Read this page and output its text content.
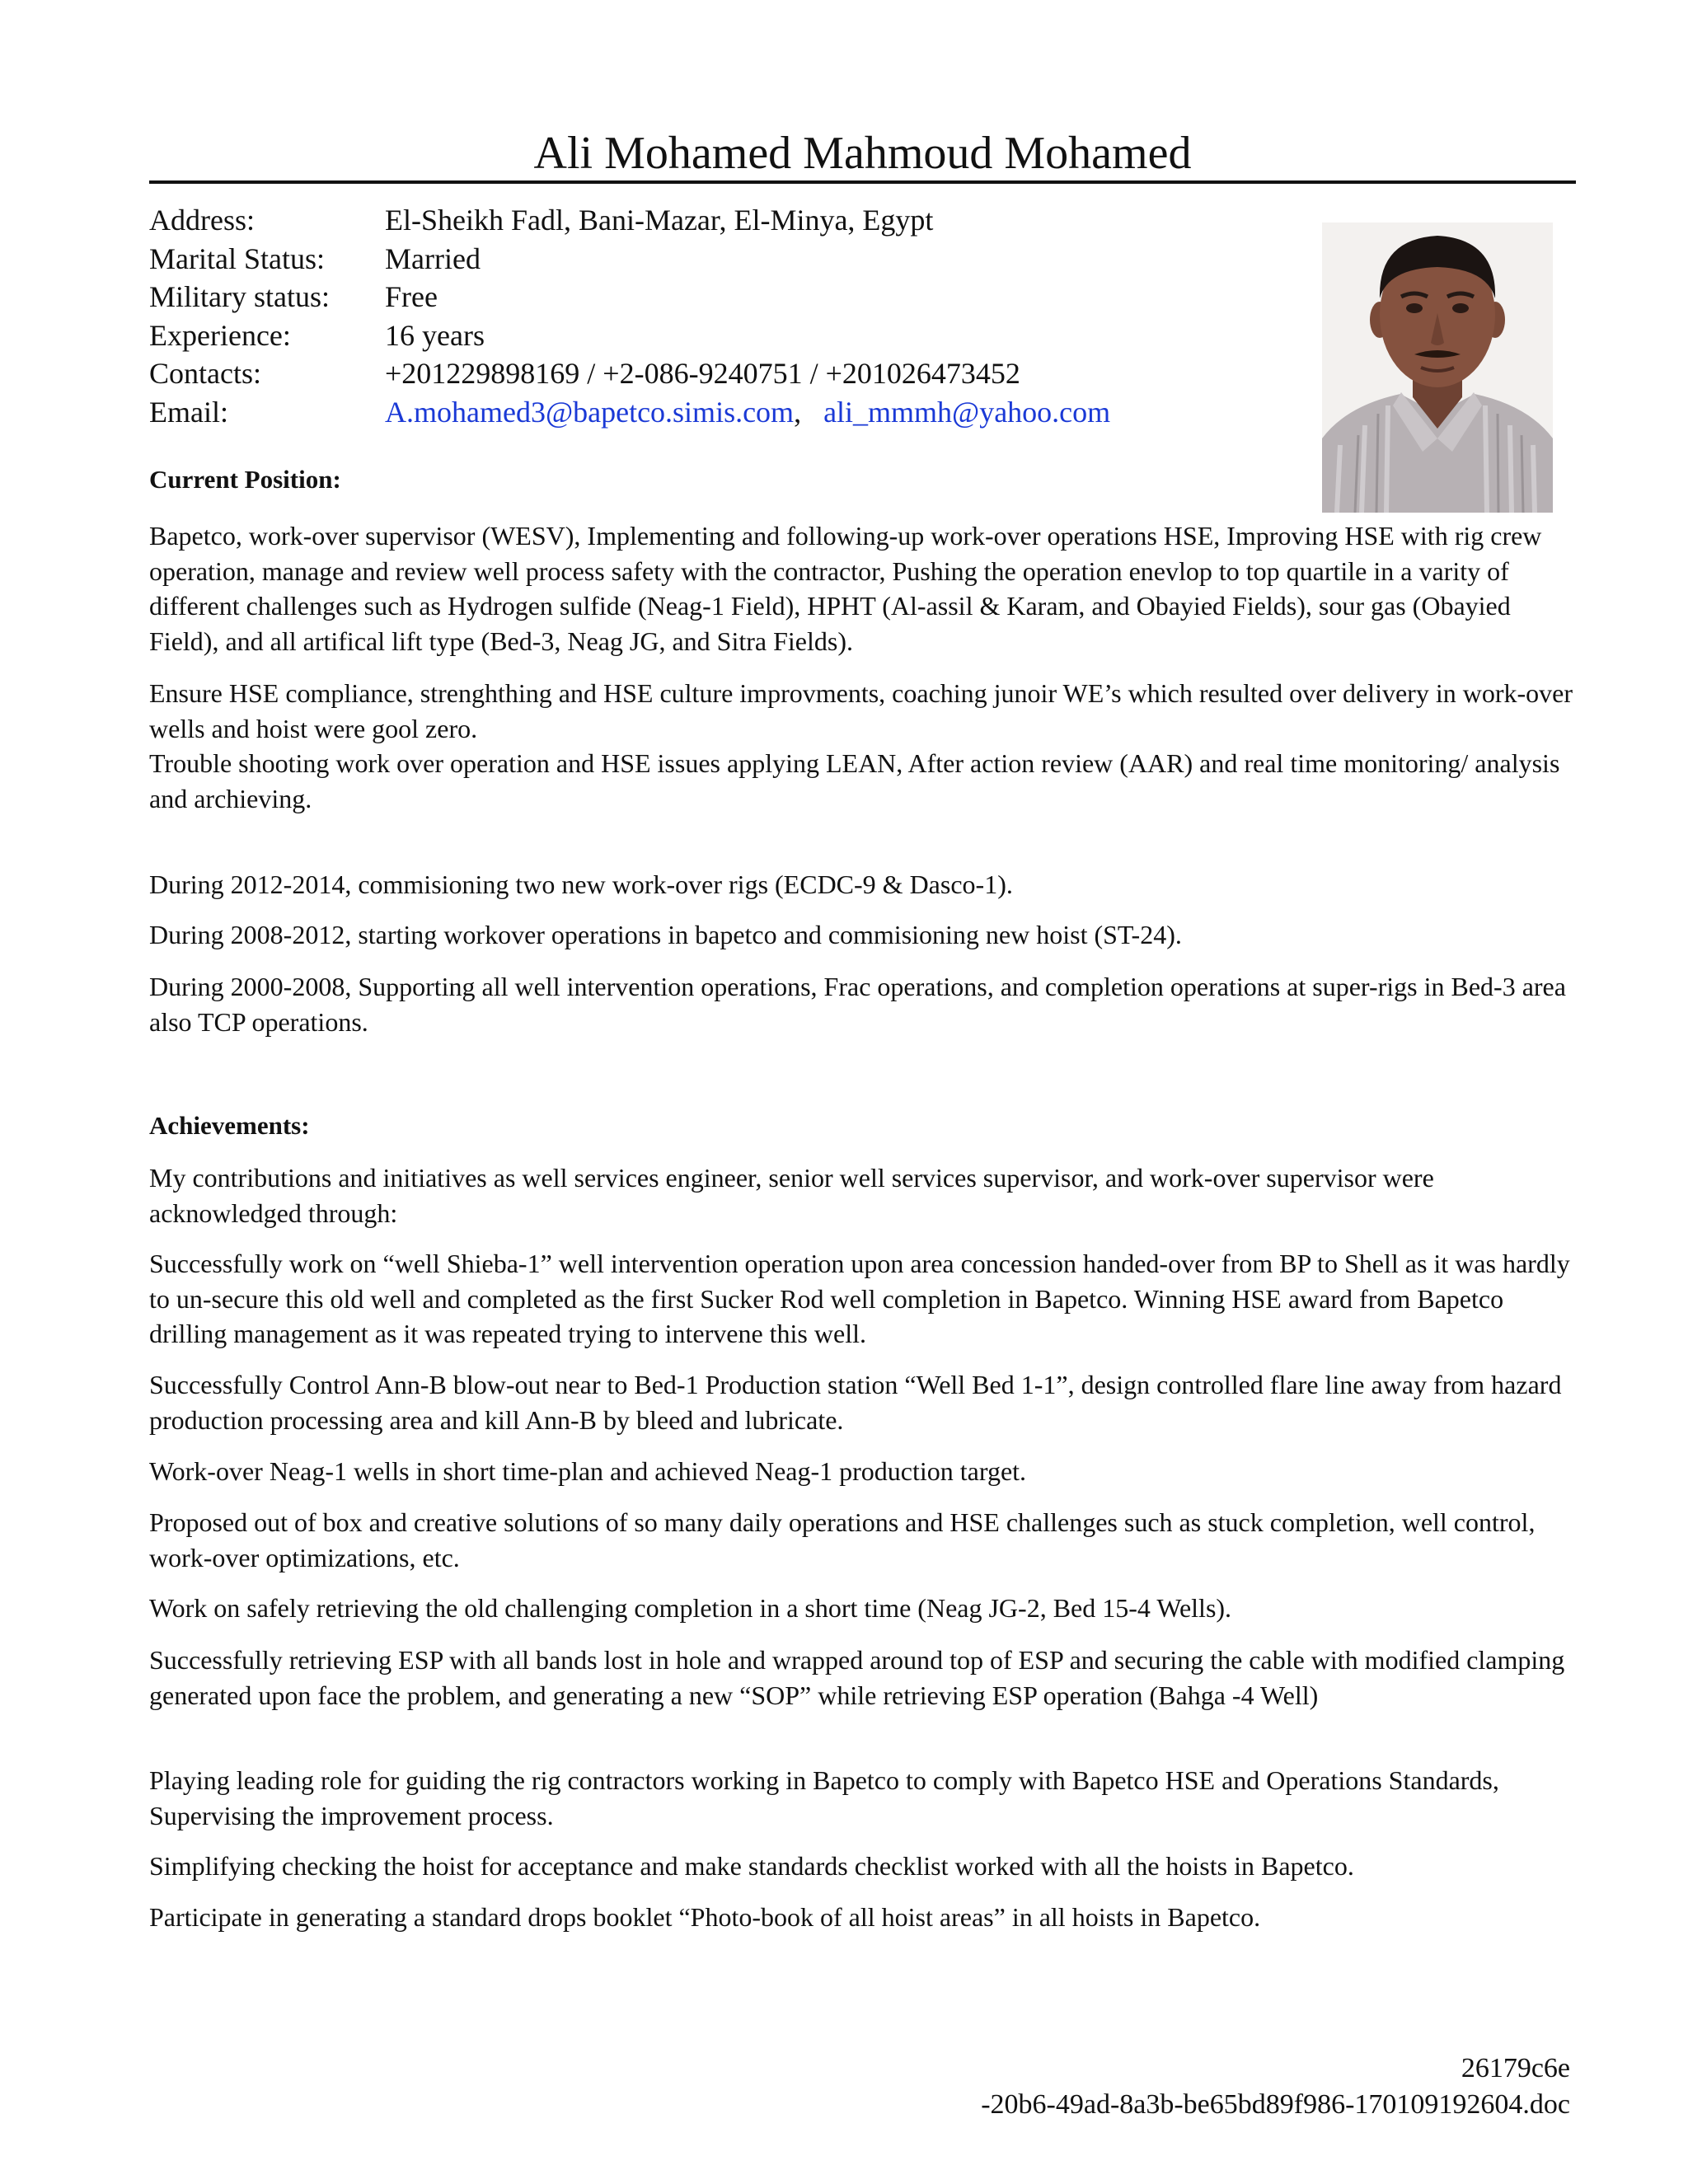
Ali Mohamed Mahmoud Mohamed
Address:	El-Sheikh Fadl, Bani-Mazar, El-Minya, Egypt
Marital Status:	Married
Military status:	Free
Experience:	16 years
Contacts:	+201229898169 / +2-086-9240751 / +201026473452
Email:	A.mohamed3@bapetco.simis.com, ali_mmmh@yahoo.com
Current Position:

Bapetco, work-over supervisor (WESV), Implementing and following-up work-over operations HSE, Improving HSE with rig crew operation, manage and review well process safety with the contractor, Pushing the operation enevlop to top quartile in a varity of different challenges such as Hydrogen sulfide (Neag-1 Field), HPHT (Al-assil & Karam, and Obayied Fields), sour gas (Obayied Field), and all artifical lift type (Bed-3, Neag JG, and Sitra Fields).

Ensure HSE compliance, strenghthing and HSE culture improvments, coaching junoir WE’s which resulted over delivery in work-over wells and hoist were gool zero.

Trouble shooting work over operation and HSE issues applying LEAN, After action review (AAR) and real time monitoring/ analysis and archieving.

During 2012-2014, commisioning two new work-over rigs (ECDC-9 & Dasco-1).

During 2008-2012, starting workover operations in bapetco and commisioning new hoist (ST-24).

During 2000-2008, Supporting all well intervention operations, Frac operations, and completion operations at super-rigs in Bed-3 area also TCP operations.

Achievements:

My contributions and initiatives as well services engineer, senior well services supervisor, and work-over supervisor were acknowledged through:

Successfully work on “well Shieba-1” well intervention operation upon area concession handed-over from BP to Shell as it was hardly to un-secure this old well and completed as the first Sucker Rod well completion in Bapetco. Winning HSE award from Bapetco drilling management as it was repeated trying to intervene this well.

Successfully Control Ann-B blow-out near to Bed-1 Production station “Well Bed 1-1”, design controlled flare line away from hazard production processing area and kill Ann-B by bleed and lubricate.

Work-over Neag-1 wells in short time-plan and achieved Neag-1 production target.

Proposed out of box and creative solutions of so many daily operations and HSE challenges such as stuck completion, well control, work-over optimizations, etc.

Work on safely retrieving the old challenging completion in a short time (Neag JG-2, Bed 15-4 Wells).

Successfully retrieving ESP with all bands lost in hole and wrapped around top of ESP and securing the cable with modified clamping generated upon face the problem, and generating a new “SOP” while retrieving ESP operation (Bahga -4 Well)

Playing leading role for guiding the rig contractors working in Bapetco to comply with Bapetco HSE and Operations Standards, Supervising the improvement process.

Simplifying checking the hoist for acceptance and make standards checklist worked with all the hoists in Bapetco.

Participate in generating a standard drops booklet “Photo-book of all hoist areas” in all hoists in Bapetco.

26179c6e
-20b6-49ad-8a3b-be65bd89f986-170109192604.doc
